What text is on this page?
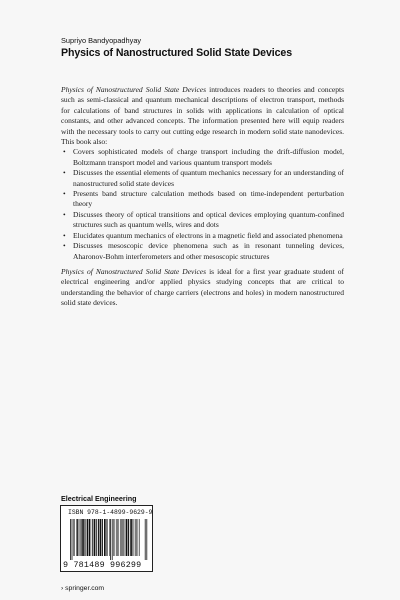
Supriyo Bandyopadhyay
Physics of Nanostructured Solid State Devices

Physics of Nanostructured Solid State Devices introduces readers to theories and concepts such as semi-classical and quantum mechanical descriptions of electron transport, methods for calculations of band structures in solids with applications in calculation of optical constants, and other advanced concepts. The information presented here will equip readers with the necessary tools to carry out cutting edge research in modern solid state nanodevices. This book also:

• Covers sophisticated models of charge transport including the drift-diffusion model, Boltzmann transport model and various quantum transport models
• Discusses the essential elements of quantum mechanics necessary for an understanding of nanostructured solid state devices
• Presents band structure calculation methods based on time-independent perturbation theory
• Discusses theory of optical transitions and optical devices employing quantum-confined structures such as quantum wells, wires and dots
• Elucidates quantum mechanics of electrons in a magnetic field and associated phenomena
• Discusses mesoscopic device phenomena such as in resonant tunneling devices, Aharonov-Bohm interferometers and other mesoscopic structures

Physics of Nanostructured Solid State Devices is ideal for a first year graduate student of electrical engineering and/or applied physics studying concepts that are critical to understanding the behavior of charge carriers (electrons and holes) in modern nanostructured solid state devices.

Electrical Engineering
ISBN 978-1-4899-9629-9
9 781489 996299
› springer.com
